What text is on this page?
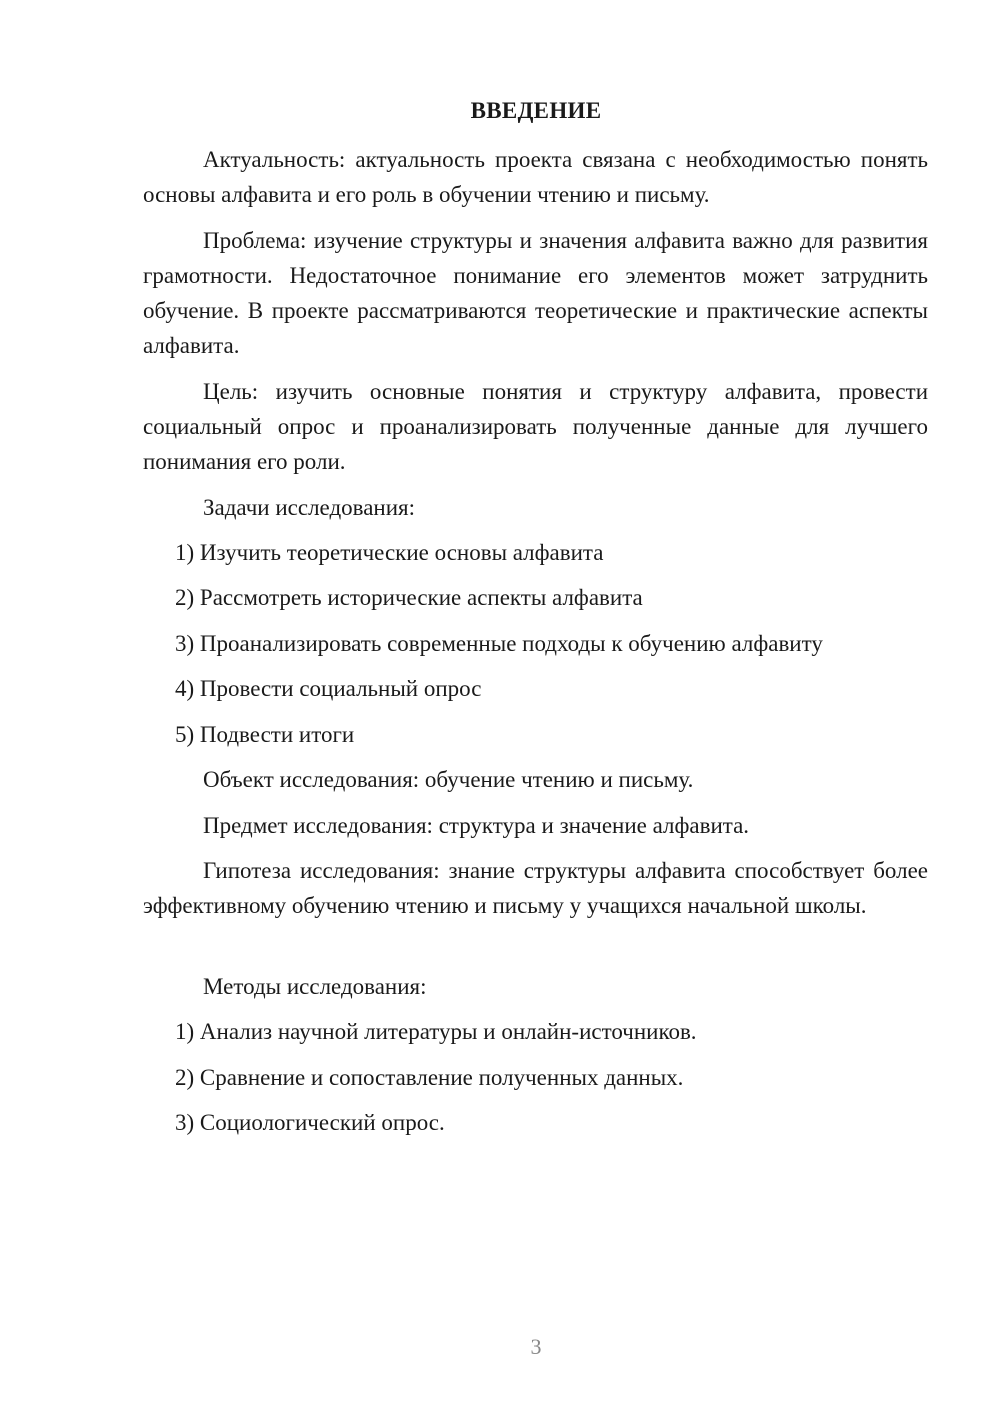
ВВЕДЕНИЕ

Актуальность: актуальность проекта связана с необходимостью понять основы алфавита и его роль в обучении чтению и письму.

Проблема: изучение структуры и значения алфавита важно для развития грамотности. Недостаточное понимание его элементов может затруднить обучение. В проекте рассматриваются теоретические и практические аспекты алфавита.

Цель: изучить основные понятия и структуру алфавита, провести социальный опрос и проанализировать полученные данные для лучшего понимания его роли.

Задачи исследования:

1) Изучить теоретические основы алфавита

2) Рассмотреть исторические аспекты алфавита

3) Проанализировать современные подходы к обучению алфавиту

4) Провести социальный опрос

5) Подвести итоги

Объект исследования: обучение чтению и письму.

Предмет исследования: структура и значение алфавита.

Гипотеза исследования: знание структуры алфавита способствует более эффективному обучению чтению и письму у учащихся начальной школы.

Методы исследования:

1) Анализ научной литературы и онлайн-источников.

2) Сравнение и сопоставление полученных данных.

3) Социологический опрос.

3
